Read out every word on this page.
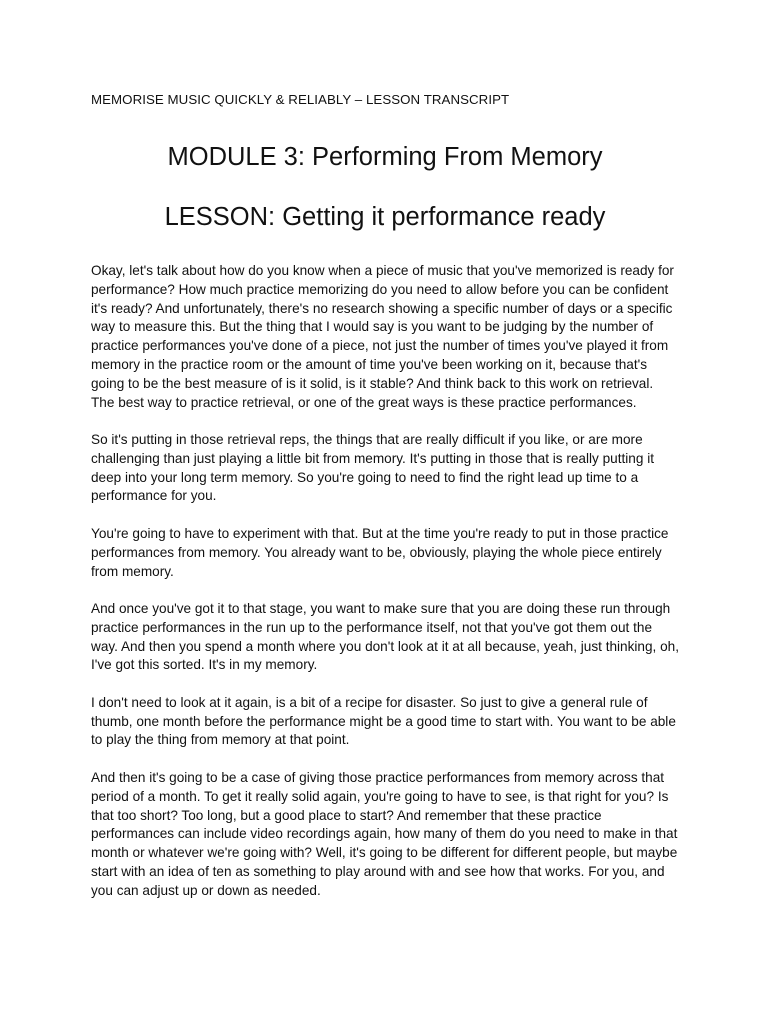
MEMORISE MUSIC QUICKLY & RELIABLY – LESSON TRANSCRIPT

MODULE 3: Performing From Memory
LESSON: Getting it performance ready

Okay, let's talk about how do you know when a piece of music that you've memorized is ready for performance? How much practice memorizing do you need to allow before you can be confident it's ready? And unfortunately, there's no research showing a specific number of days or a specific way to measure this. But the thing that I would say is you want to be judging by the number of practice performances you've done of a piece, not just the number of times you've played it from memory in the practice room or the amount of time you've been working on it, because that's going to be the best measure of is it solid, is it stable? And think back to this work on retrieval. The best way to practice retrieval, or one of the great ways is these practice performances.

So it's putting in those retrieval reps, the things that are really difficult if you like, or are more challenging than just playing a little bit from memory. It's putting in those that is really putting it deep into your long term memory. So you're going to need to find the right lead up time to a performance for you.

You're going to have to experiment with that. But at the time you're ready to put in those practice performances from memory. You already want to be, obviously, playing the whole piece entirely from memory.

And once you've got it to that stage, you want to make sure that you are doing these run through practice performances in the run up to the performance itself, not that you've got them out the way. And then you spend a month where you don't look at it at all because, yeah, just thinking, oh, I've got this sorted. It's in my memory.

I don't need to look at it again, is a bit of a recipe for disaster. So just to give a general rule of thumb, one month before the performance might be a good time to start with. You want to be able to play the thing from memory at that point.

And then it's going to be a case of giving those practice performances from memory across that period of a month. To get it really solid again, you're going to have to see, is that right for you? Is that too short? Too long, but a good place to start? And remember that these practice performances can include video recordings again, how many of them do you need to make in that month or whatever we're going with? Well, it's going to be different for different people, but maybe start with an idea of ten as something to play around with and see how that works. For you, and you can adjust up or down as needed.
